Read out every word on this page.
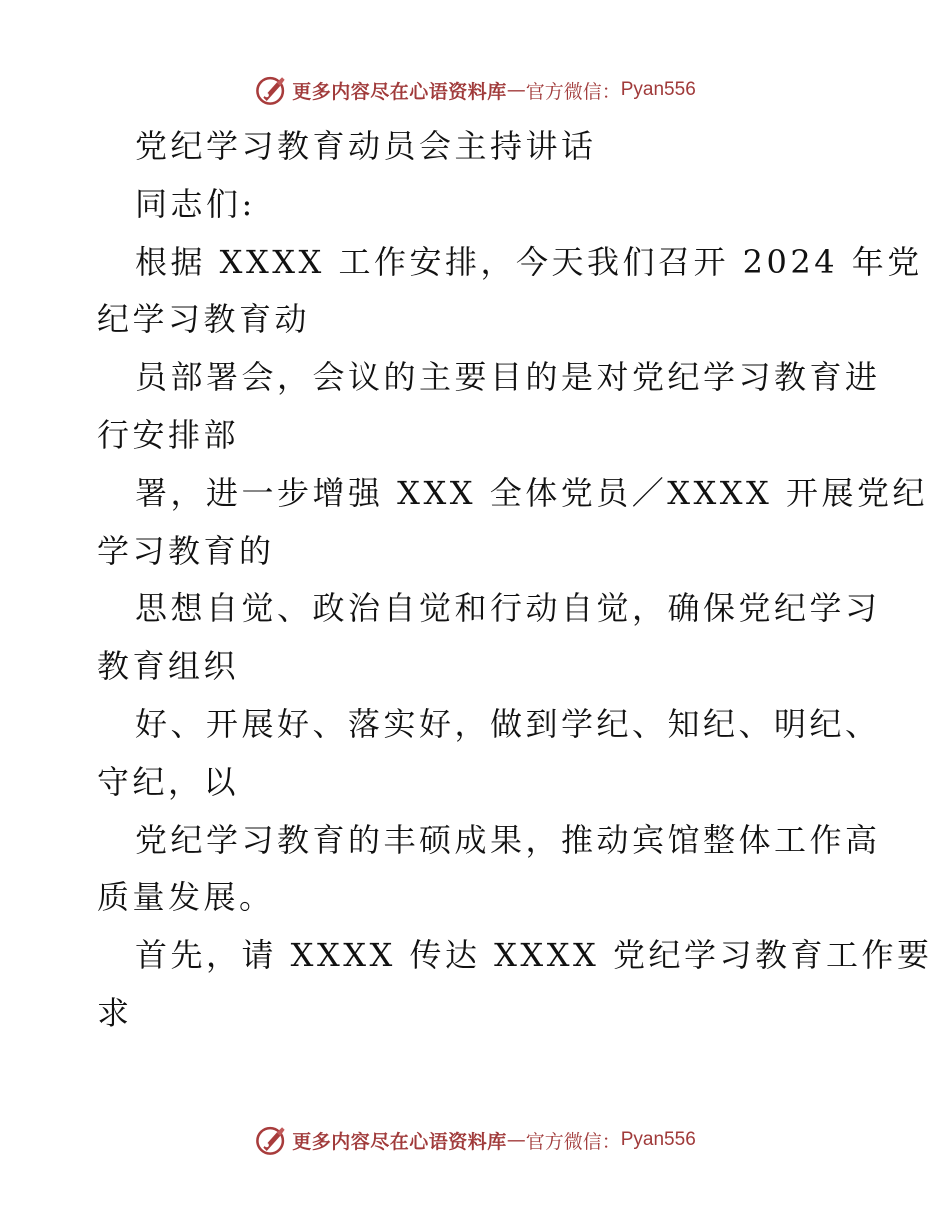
更多内容尽在心语资料库 — 官方微信： Pyan556
党纪学习教育动员会主持讲话
同志们:
根据 XXXX 工作安排，今天我们召开 2024 年党
纪学习教育动
员部署会，会议的主要目的是对党纪学习教育进
行安排部
署，进一步增强 XXX 全体党员／XXXX 开展党纪
学习教育的
思想自觉、政治自觉和行动自觉，确保党纪学习
教育组织
好、开展好、落实好，做到学纪、知纪、明纪、
守纪，以
党纪学习教育的丰硕成果，推动宾馆整体工作高
质量发展。
首先，请 XXXX 传达 XXXX 党纪学习教育工作要
求
更多内容尽在心语资料库 — 官方微信： Pyan556
